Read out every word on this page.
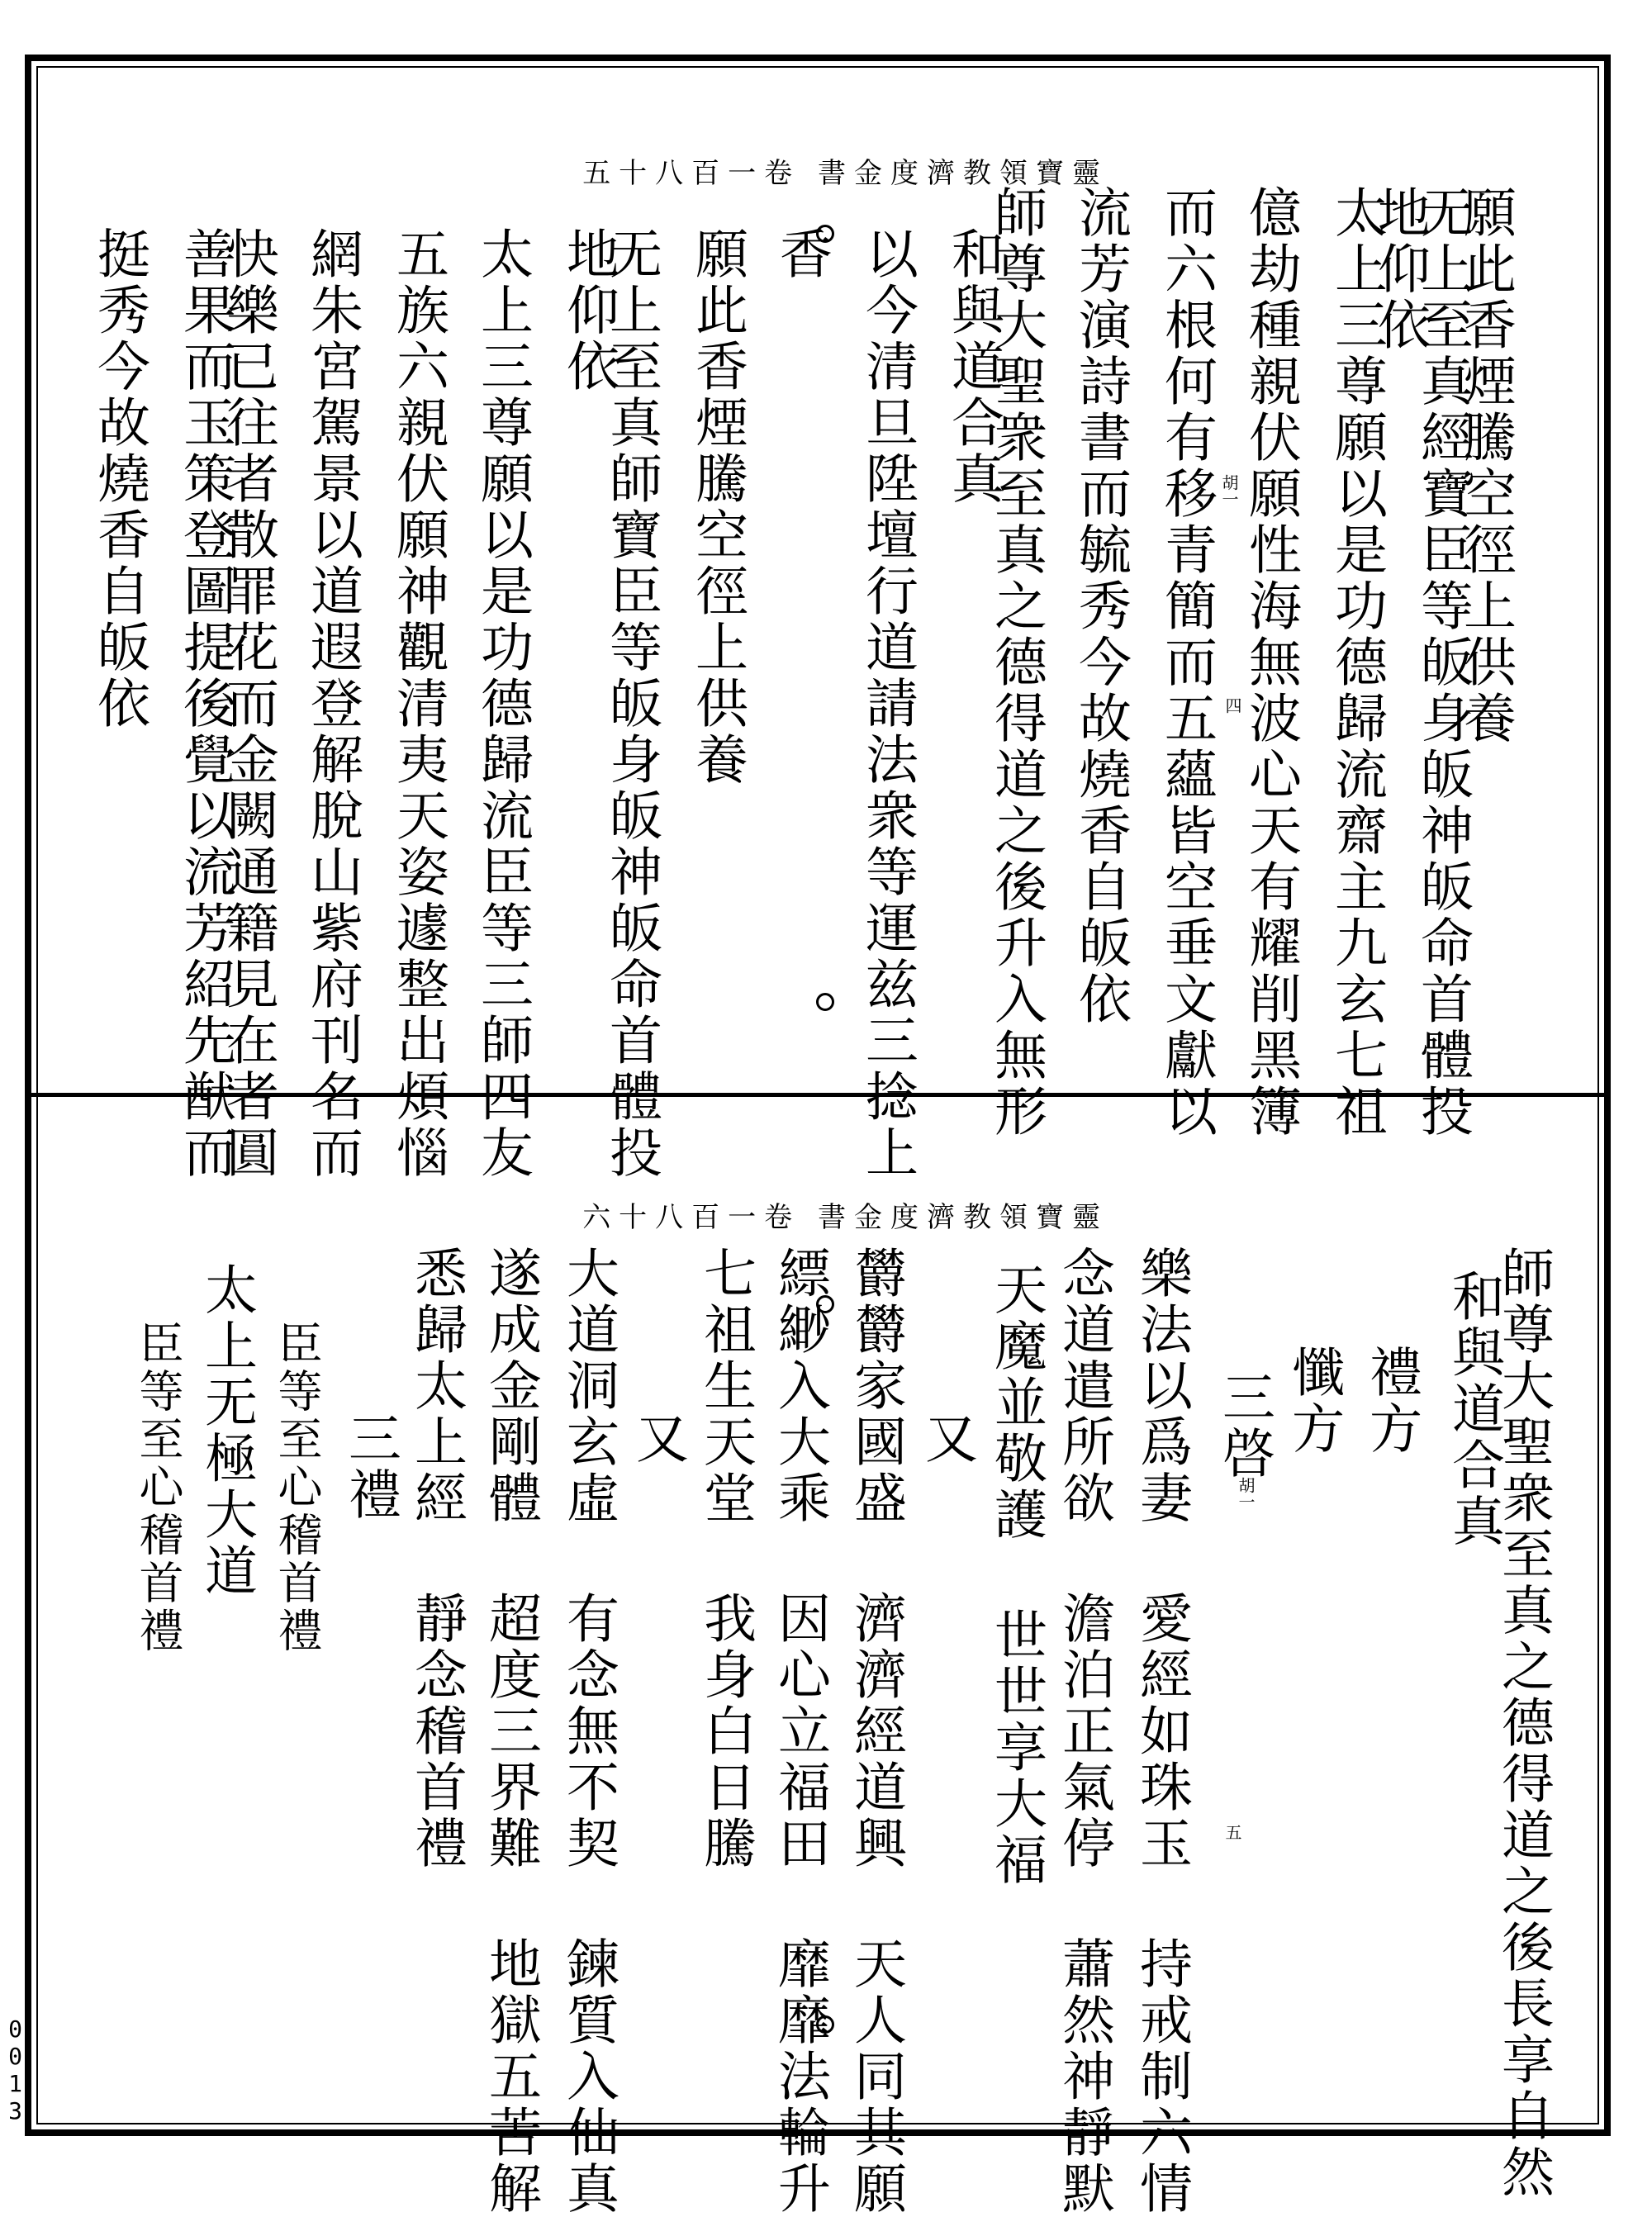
靈寶領教濟度金書 卷一百八十五
願此香煙騰空徑上供養
无上至真經寶臣等皈身皈神皈命首體投
地仰依
太上三尊願以是功德歸流齋主九玄七祖
億劫種親伏願性海無波心天有耀削黑簿
而六根何有移青簡而五蘊皆空垂文獻以
流芳演詩書而毓秀今故燒香自皈依
師尊大聖衆至真之德得道之後升入無形
和與道合真
以今清旦陞壇行道請法衆等運兹三捻上
香
願此香煙騰空徑上供養
无上至真師寶臣等皈身皈神皈命首體投
地仰依
太上三尊願以是功德歸流臣等三師四友
五族六親伏願神觀清夷天姿遽整出煩惱
網朱宮駕景以道遐登解脫山紫府刊名而
快樂已往者散罪花而金闕通籍見在者圓
善果而玉策登圖提後覺以流芳紹先猷而
挺秀今故燒香自皈依	胡一
四
靈寶領教濟度金書 卷一百八十六
師尊大聖衆至真之德得道之後長享自然
和與道合真
禮方
懺方
三啓
樂法以爲妻 愛經如珠玉 持戒制六情
念道遣所欲 澹泊正氣停 蕭然神靜默
天魔並敬護 世世享大福
又
欝欝家國盛 濟濟經道興 天人同其願
縹緲入大乘 因心立福田 靡靡法輪升
七祖生天堂 我身白日騰
又
大道洞玄虛 有念無不契 鍊質入仙真
遂成金剛體 超度三界難 地獄五苦解
悉歸太上經 靜念稽首禮
三禮
臣等至心稽首禮
太上无極大道
臣等至心稽首禮	胡一
五
0013
